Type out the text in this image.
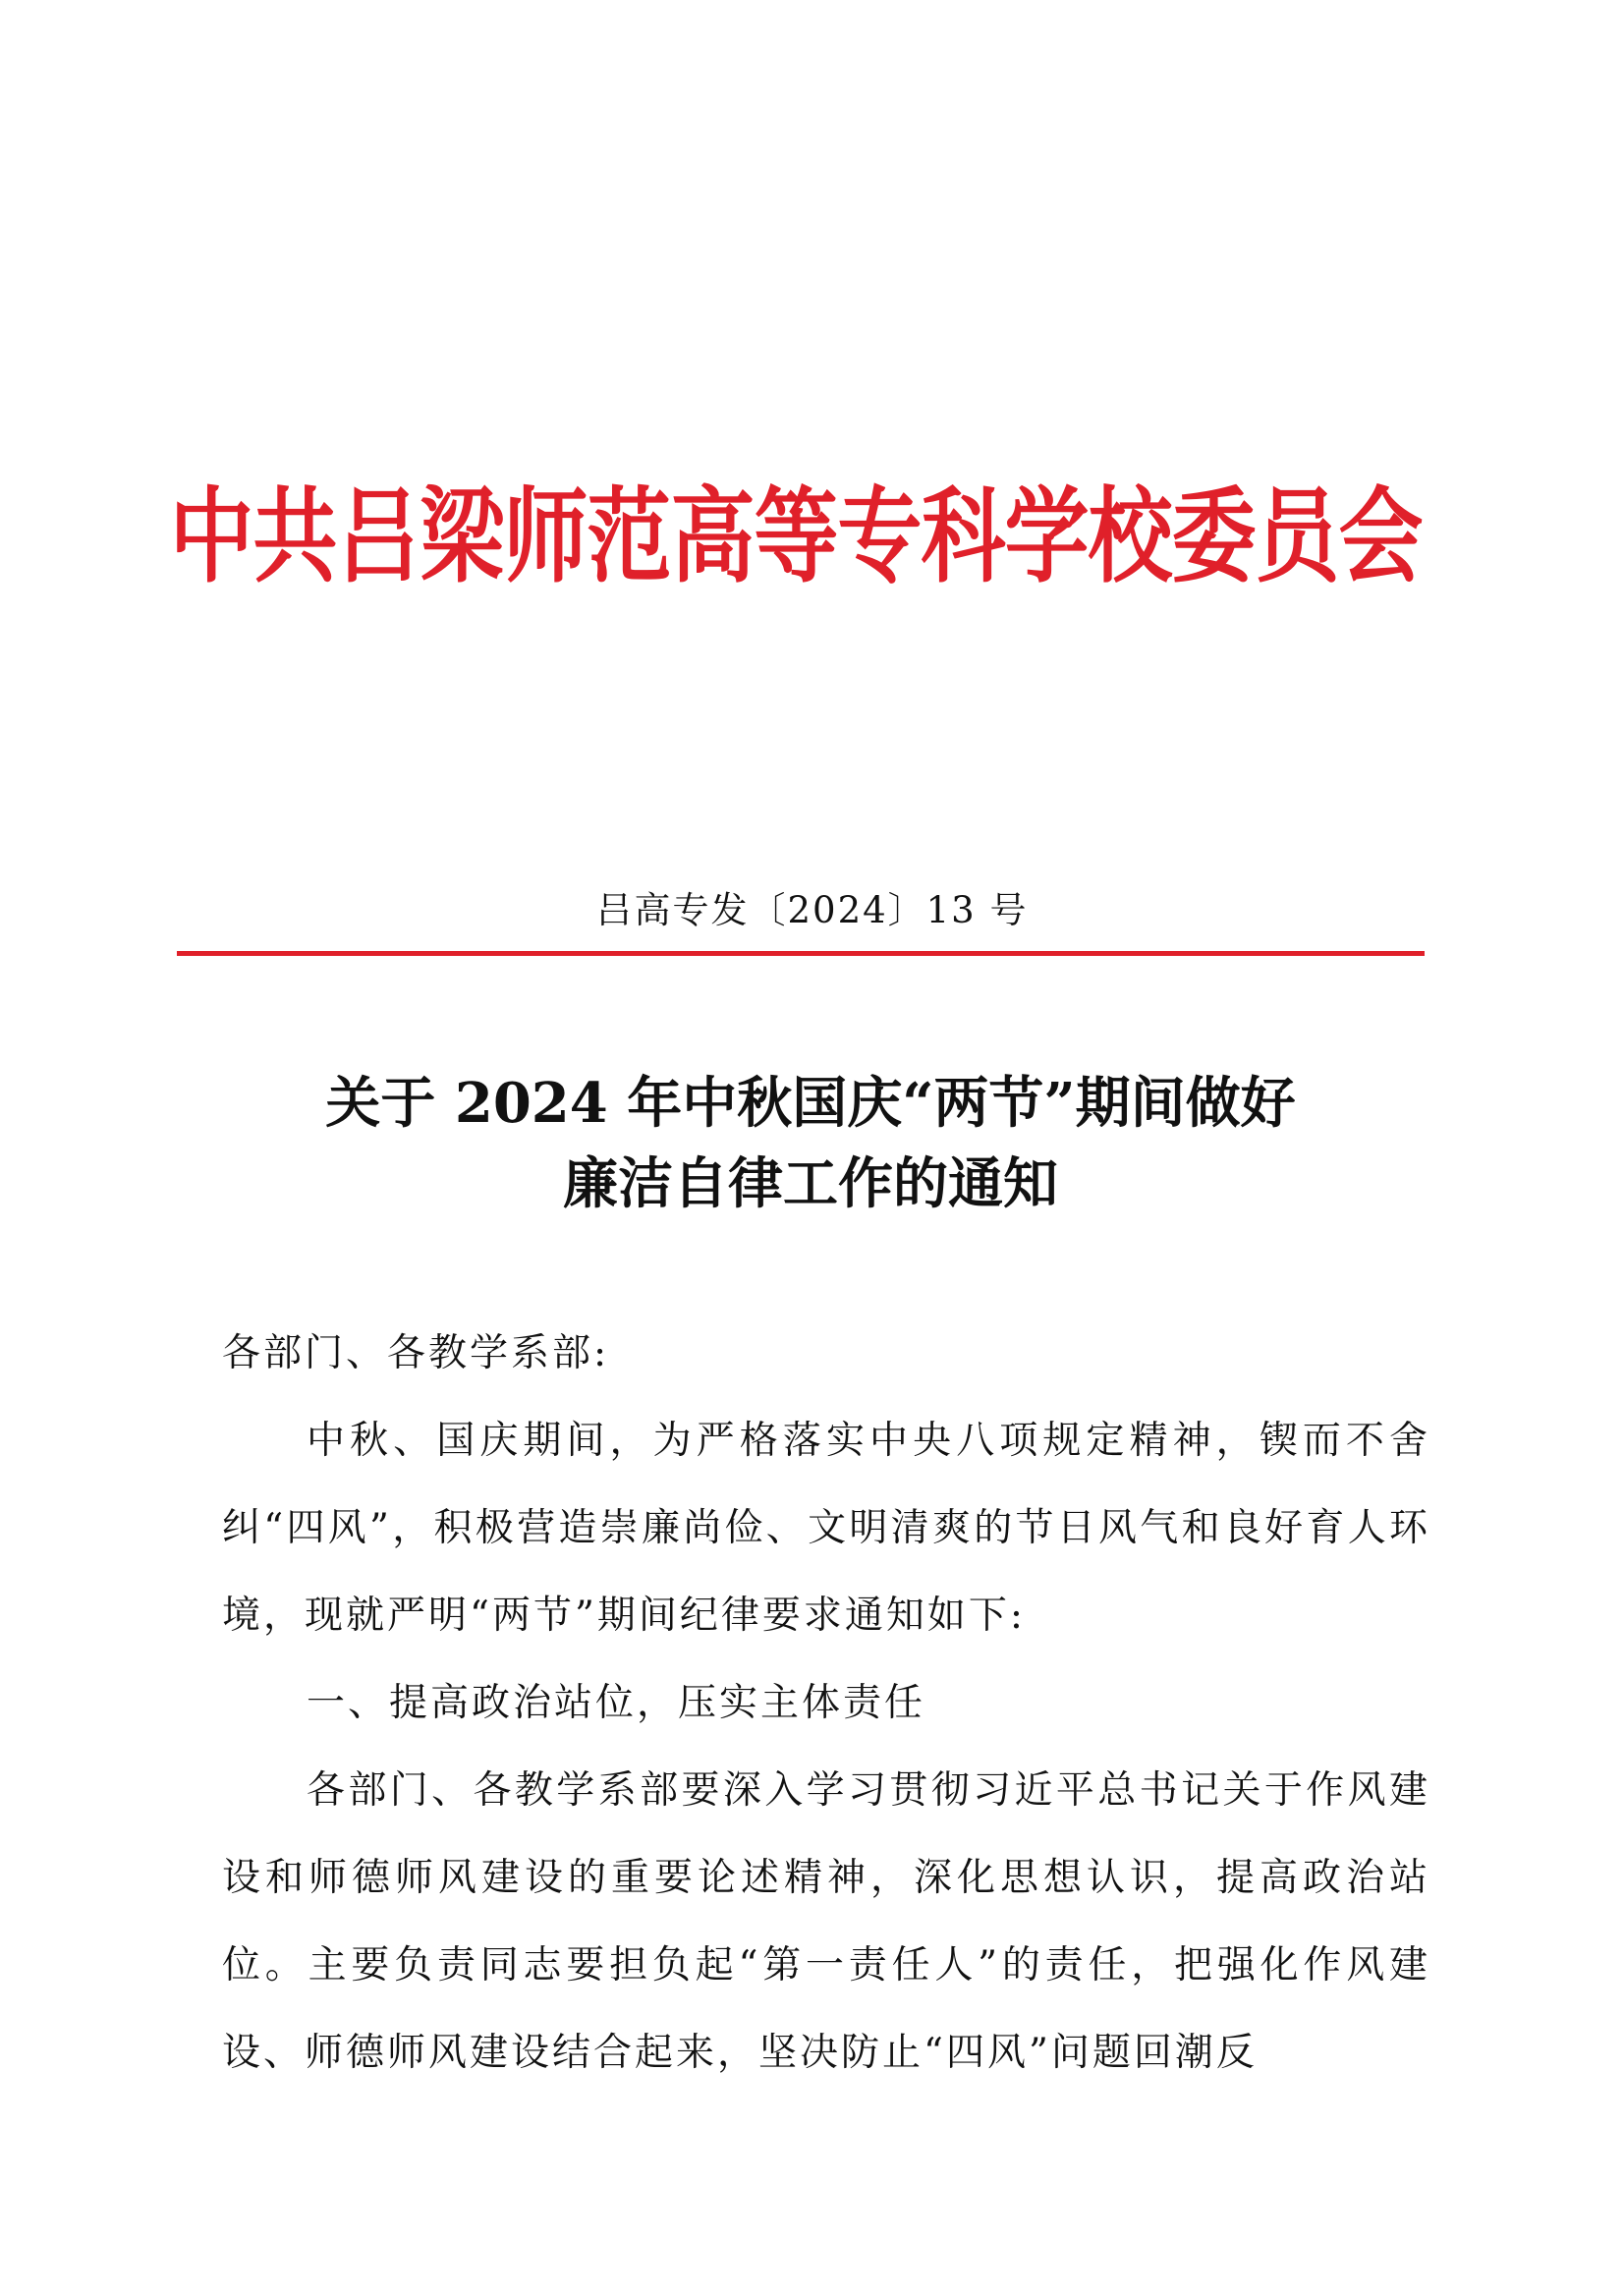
中共吕梁师范高等专科学校委员会
吕高专发〔2024〕13 号
关于 2024 年中秋国庆“两节”期间做好
廉洁自律工作的通知

各部门、各教学系部:

中秋、国庆期间，为严格落实中央八项规定精神，锲而不舍纠“四风”，积极营造崇廉尚俭、文明清爽的节日风气和良好育人环境，现就严明“两节”期间纪律要求通知如下:

一、提高政治站位，压实主体责任

各部门、各教学系部要深入学习贯彻习近平总书记关于作风建设和师德师风建设的重要论述精神，深化思想认识，提高政治站位。主要负责同志要担负起“第一责任人”的责任，把强化作风建设、师德师风建设结合起来，坚决防止“四风”问题回潮反
